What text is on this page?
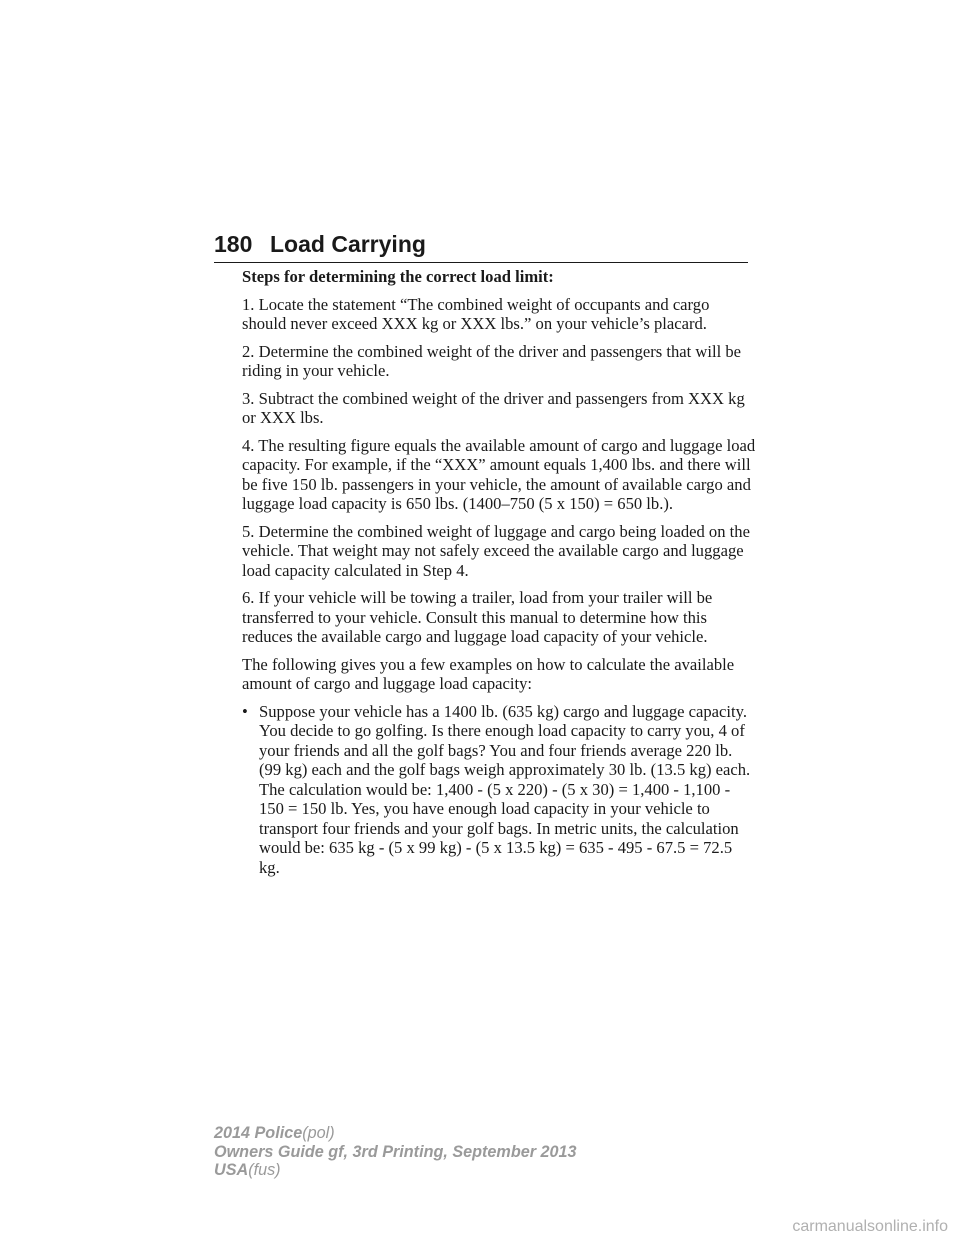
180 Load Carrying

Steps for determining the correct load limit:

1. Locate the statement “The combined weight of occupants and cargo should never exceed XXX kg or XXX lbs.” on your vehicle’s placard.

2. Determine the combined weight of the driver and passengers that will be riding in your vehicle.

3. Subtract the combined weight of the driver and passengers from XXX kg or XXX lbs.

4. The resulting figure equals the available amount of cargo and luggage load capacity. For example, if the “XXX” amount equals 1,400 lbs. and there will be five 150 lb. passengers in your vehicle, the amount of available cargo and luggage load capacity is 650 lbs. (1400–750 (5 x 150) = 650 lb.).

5. Determine the combined weight of luggage and cargo being loaded on the vehicle. That weight may not safely exceed the available cargo and luggage load capacity calculated in Step 4.

6. If your vehicle will be towing a trailer, load from your trailer will be transferred to your vehicle. Consult this manual to determine how this reduces the available cargo and luggage load capacity of your vehicle.

The following gives you a few examples on how to calculate the available amount of cargo and luggage load capacity:

• Suppose your vehicle has a 1400 lb. (635 kg) cargo and luggage capacity. You decide to go golfing. Is there enough load capacity to carry you, 4 of your friends and all the golf bags? You and four friends average 220 lb. (99 kg) each and the golf bags weigh approximately 30 lb. (13.5 kg) each. The calculation would be: 1,400 - (5 x 220) - (5 x 30) = 1,400 - 1,100 - 150 = 150 lb. Yes, you have enough load capacity in your vehicle to transport four friends and your golf bags. In metric units, the calculation would be: 635 kg - (5 x 99 kg) - (5 x 13.5 kg) = 635 - 495 - 67.5 = 72.5 kg.
2014 Police(pol)
Owners Guide gf, 3rd Printing, September 2013
USA(fus)
carmanualsonline.info
